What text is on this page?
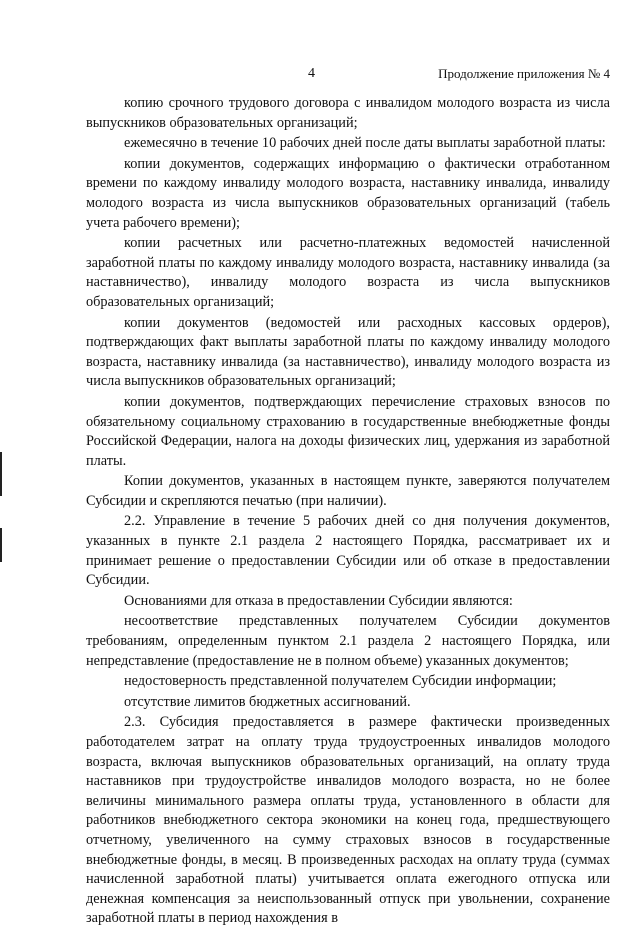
4	Продолжение приложения № 4

копию срочного трудового договора с инвалидом молодого возраста из числа выпускников образовательных организаций;

ежемесячно в течение 10 рабочих дней после даты выплаты заработной платы:

копии документов, содержащих информацию о фактически отработанном времени по каждому инвалиду молодого возраста, наставнику инвалида, инвалиду молодого возраста из числа выпускников образовательных организаций (табель учета рабочего времени);

копии расчетных или расчетно-платежных ведомостей начисленной заработной платы по каждому инвалиду молодого возраста, наставнику инвалида (за наставничество), инвалиду молодого возраста из числа выпускников образовательных организаций;

копии документов (ведомостей или расходных кассовых ордеров), подтверждающих факт выплаты заработной платы по каждому инвалиду молодого возраста, наставнику инвалида (за наставничество), инвалиду молодого возраста из числа выпускников образовательных организаций;

копии документов, подтверждающих перечисление страховых взносов по обязательному социальному страхованию в государственные внебюджетные фонды Российской Федерации, налога на доходы физических лиц, удержания из заработной платы.

Копии документов, указанных в настоящем пункте, заверяются получателем Субсидии и скрепляются печатью (при наличии).

2.2. Управление в течение 5 рабочих дней со дня получения документов, указанных в пункте 2.1 раздела 2 настоящего Порядка, рассматривает их и принимает решение о предоставлении Субсидии или об отказе в предоставлении Субсидии.

Основаниями для отказа в предоставлении Субсидии являются:

несоответствие представленных получателем Субсидии документов требованиям, определенным пунктом 2.1 раздела 2 настоящего Порядка, или непредставление (предоставление не в полном объеме) указанных документов;

недостоверность представленной получателем Субсидии информации;

отсутствие лимитов бюджетных ассигнований.

2.3. Субсидия предоставляется в размере фактически произведенных работодателем затрат на оплату труда трудоустроенных инвалидов молодого возраста, включая выпускников образовательных организаций, на оплату труда наставников при трудоустройстве инвалидов молодого возраста, но не более величины минимального размера оплаты труда, установленного в области для работников внебюджетного сектора экономики на конец года, предшествующего отчетному, увеличенного на сумму страховых взносов в государственные внебюджетные фонды, в месяц. В произведенных расходах на оплату труда (суммах начисленной заработной платы) учитывается оплата ежегодного отпуска или денежная компенсация за неиспользованный отпуск при увольнении, сохранение заработной платы в период нахождения в
